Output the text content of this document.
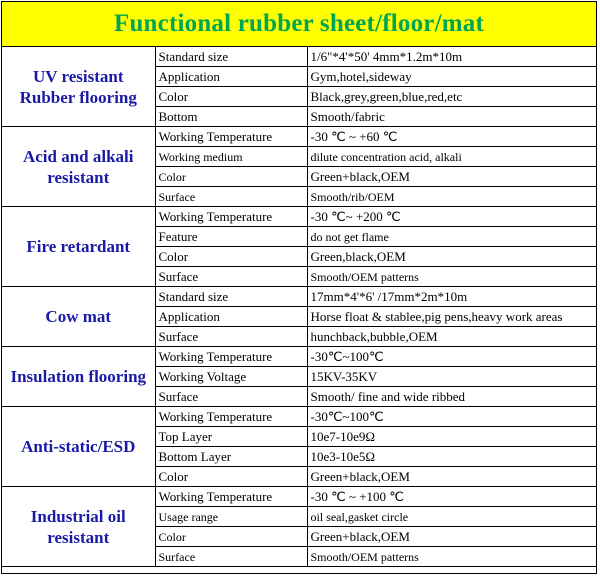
Functional rubber sheet/floor/mat
UV resistant Rubber flooring	Standard size	1/6"*4'*50' 4mm*1.2m*10m
	Application	Gym,hotel,sideway
	Color	Black,grey,green,blue,red,etc
	Bottom	Smooth/fabric
Acid and alkali resistant	Working Temperature	-30 ℃ ~ +60 ℃
	Working medium	dilute concentration acid, alkali
	Color	Green+black,OEM
	Surface	Smooth/rib/OEM
Fire retardant	Working Temperature	-30 ℃~ +200 ℃
	Feature	do not get flame
	Color	Green,black,OEM
	Surface	Smooth/OEM patterns
Cow mat	Standard size	17mm*4'*6' /17mm*2m*10m
	Application	Horse float & stablee,pig pens,heavy work areas
	Surface	hunchback,bubble,OEM
Insulation flooring	Working Temperature	-30℃~100℃
	Working Voltage	15KV-35KV
	Surface	Smooth/ fine and wide ribbed
Anti-static/ESD	Working Temperature	-30℃~100℃
	Top Layer	10e7-10e9Ω
	Bottom Layer	10e3-10e5Ω
	Color	Green+black,OEM
Industrial oil resistant	Working Temperature	-30 ℃ ~ +100 ℃
	Usage range	oil seal,gasket circle
	Color	Green+black,OEM
	Surface	Smooth/OEM patterns
